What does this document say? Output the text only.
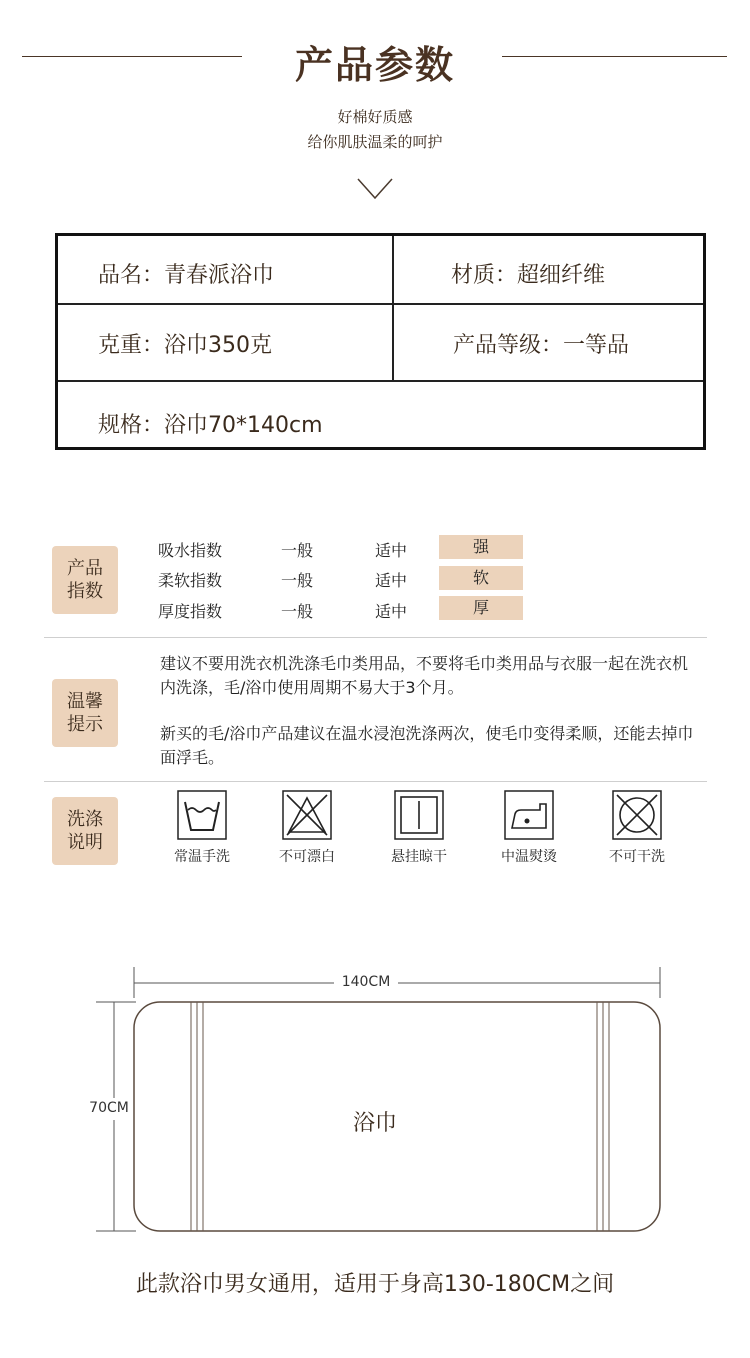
产品参数
好棉好质感
给你肌肤温柔的呵护
品名：青春派浴巾	材质：超细纤维
克重：浴巾350克	产品等级：一等品
规格：浴巾70*140cm
产品
指数
吸水指数	一般	适中	强
柔软指数	一般	适中	软
厚度指数	一般	适中	厚
温馨
提示
建议不要用洗衣机洗涤毛巾类用品，不要将毛巾类用品与衣服一起在洗衣机内洗涤，毛/浴巾使用周期不易大于3个月。
新买的毛/浴巾产品建议在温水浸泡洗涤两次，使毛巾变得柔顺，还能去掉巾面浮毛。
洗涤
说明
常温手洗	不可漂白	悬挂晾干	中温熨烫	不可干洗
140CM
70CM
浴巾
此款浴巾男女通用，适用于身高130-180CM之间
